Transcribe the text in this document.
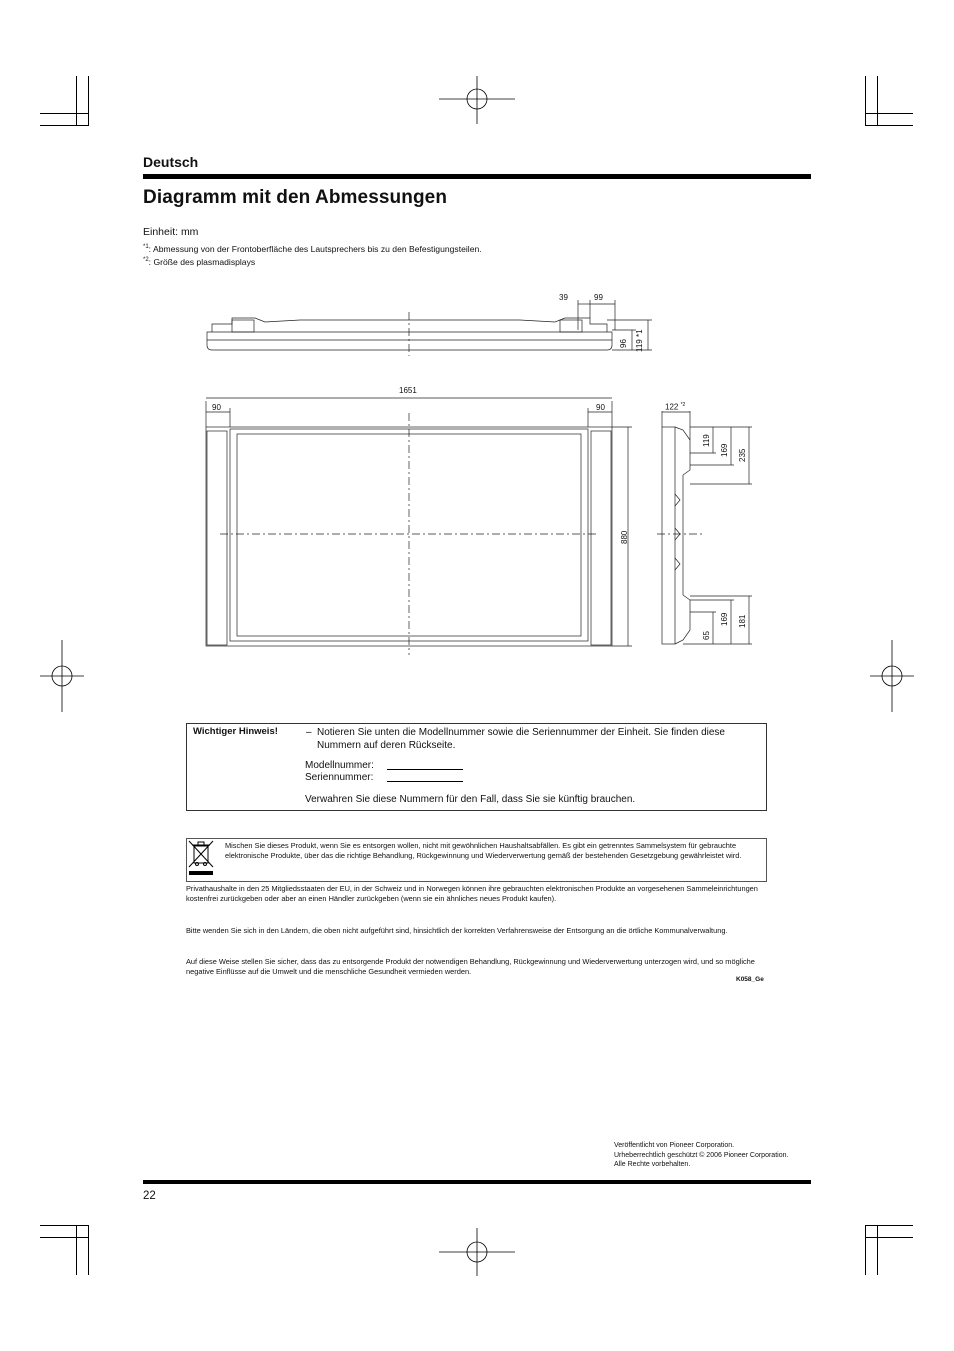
Deutsch
Diagramm mit den Abmessungen
Einheit: mm
$^{*1}$: Abmessung von der Frontoberfläche des Lautsprechers bis zu den Befestigungsteilen.
$^{*2}$: Größe des plasmadisplays
39	99
96 119 *1
1651
90	90
880
122 $^{*2}$
119
169 235
65
169 181
Wichtiger Hinweis!	– Notieren Sie unten die Modellnummer sowie die Seriennummer der Einheit. Sie finden diese Nummern auf deren Rückseite.
Modellnummer:
Seriennummer:
Verwahren Sie diese Nummern für den Fall, dass Sie sie künftig brauchen.
Mischen Sie dieses Produkt, wenn Sie es entsorgen wollen, nicht mit gewöhnlichen Haushaltsabfällen. Es gibt ein getrenntes Sammelsystem für gebrauchte elektronische Produkte, über das die richtige Behandlung, Rückgewinnung und Wiederverwertung gemäß der bestehenden Gesetzgebung gewährleistet wird.
Privathaushalte in den 25 Mitgliedsstaaten der EU, in der Schweiz und in Norwegen können ihre gebrauchten elektronischen Produkte an vorgesehenen Sammeleinrichtungen kostenfrei zurückgeben oder aber an einen Händler zurückgeben (wenn sie ein ähnliches neues Produkt kaufen).
Bitte wenden Sie sich in den Ländern, die oben nicht aufgeführt sind, hinsichtlich der korrekten Verfahrensweise der Entsorgung an die örtliche Kommunalverwaltung.
Auf diese Weise stellen Sie sicher, dass das zu entsorgende Produkt der notwendigen Behandlung, Rückgewinnung und Wiederverwertung unterzogen wird, und so mögliche negative Einflüsse auf die Umwelt und die menschliche Gesundheit vermieden werden.
K058_Ge
Veröffentlicht von Pioneer Corporation.
Urheberrechtlich geschützt © 2006 Pioneer Corporation.
Alle Rechte vorbehalten.
22
